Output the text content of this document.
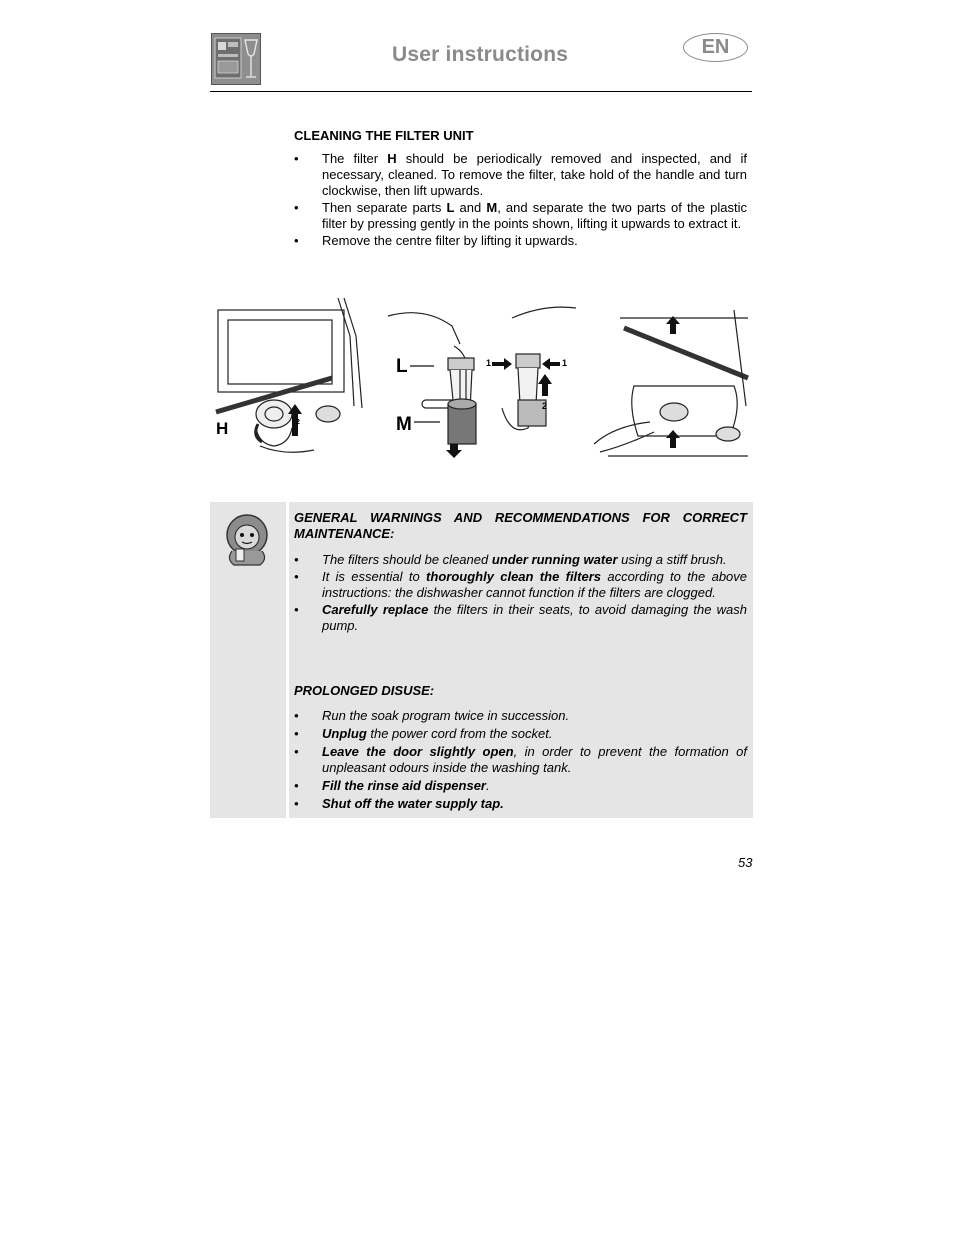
User instructions	EN
CLEANING THE FILTER UNIT
• The filter H should be periodically removed and inspected, and if necessary, cleaned. To remove the filter, take hold of the handle and turn clockwise, then lift upwards.
• Then separate parts L and M, and separate the two parts of the plastic filter by pressing gently in the points shown, lifting it upwards to extract it.
• Remove the centre filter by lifting it upwards.
H
L
M
1	1
2
2
GENERAL WARNINGS AND RECOMMENDATIONS FOR CORRECT MAINTENANCE:
• The filters should be cleaned under running water using a stiff brush.
• It is essential to thoroughly clean the filters according to the above instructions: the dishwasher cannot function if the filters are clogged.
• Carefully replace the filters in their seats, to avoid damaging the wash pump.
PROLONGED DISUSE:
• Run the soak program twice in succession.
• Unplug the power cord from the socket.
• Leave the door slightly open, in order to prevent the formation of unpleasant odours inside the washing tank.
• Fill the rinse aid dispenser.
• Shut off the water supply tap.
53
